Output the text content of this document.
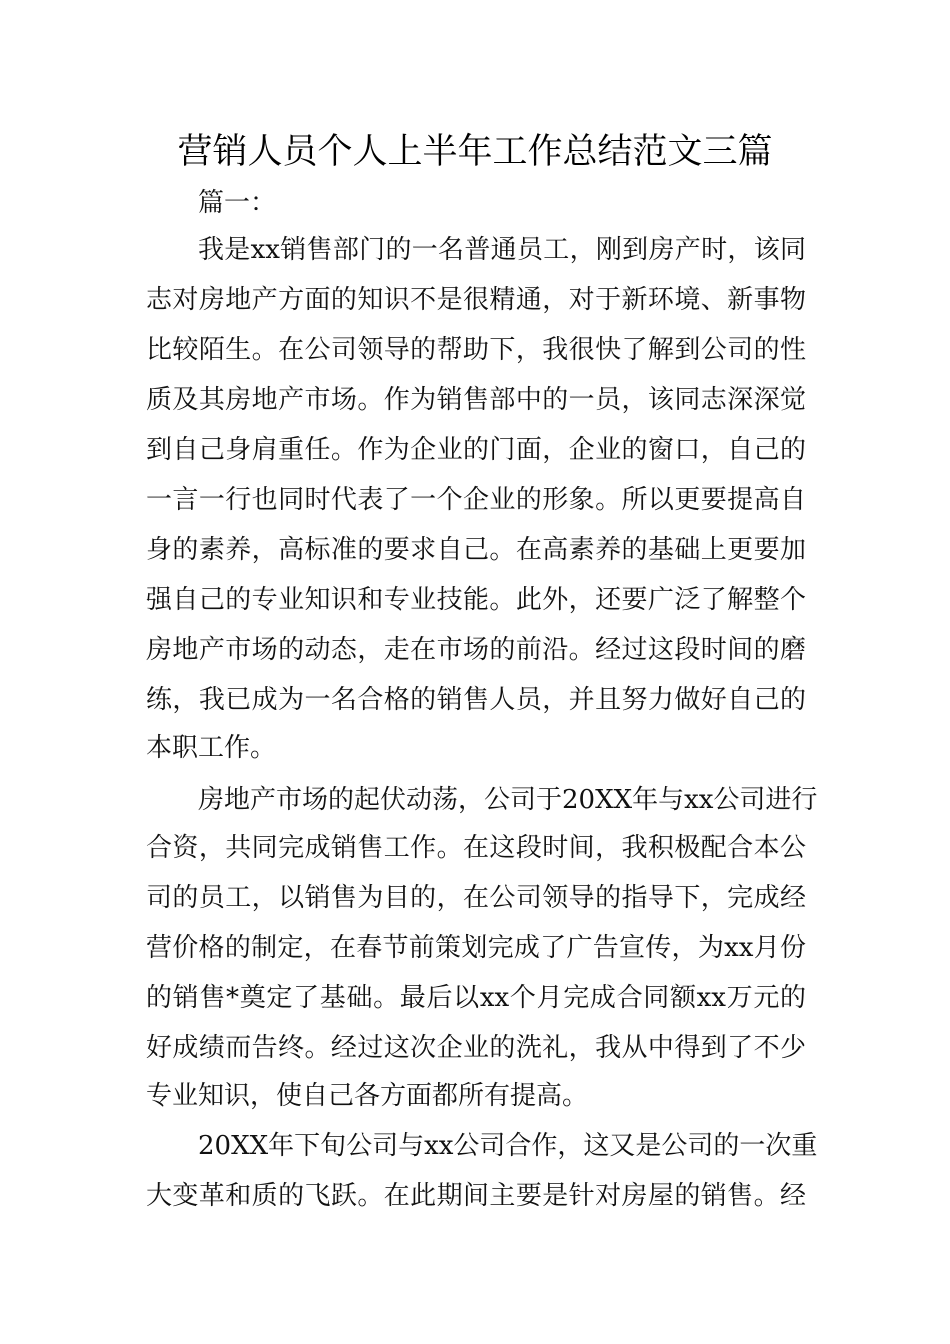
营销人员个人上半年工作总结范文三篇
篇一：
我是xx销售部门的一名普通员工，刚到房产时，该同
志对房地产方面的知识不是很精通，对于新环境、新事物
比较陌生。在公司领导的帮助下，我很快了解到公司的性
质及其房地产市场。作为销售部中的一员，该同志深深觉
到自己身肩重任。作为企业的门面，企业的窗口，自己的
一言一行也同时代表了一个企业的形象。所以更要提高自
身的素养，高标准的要求自己。在高素养的基础上更要加
强自己的专业知识和专业技能。此外，还要广泛了解整个
房地产市场的动态，走在市场的前沿。经过这段时间的磨
练，我已成为一名合格的销售人员，并且努力做好自己的
本职工作。
房地产市场的起伏动荡，公司于20XX年与xx公司进行
合资，共同完成销售工作。在这段时间，我积极配合本公
司的员工，以销售为目的，在公司领导的指导下，完成经
营价格的制定，在春节前策划完成了广告宣传，为xx月份
的销售*奠定了基础。最后以xx个月完成合同额xx万元的
好成绩而告终。经过这次企业的洗礼，我从中得到了不少
专业知识，使自己各方面都所有提高。
20XX年下旬公司与xx公司合作，这又是公司的一次重
大变革和质的飞跃。在此期间主要是针对房屋的销售。经
